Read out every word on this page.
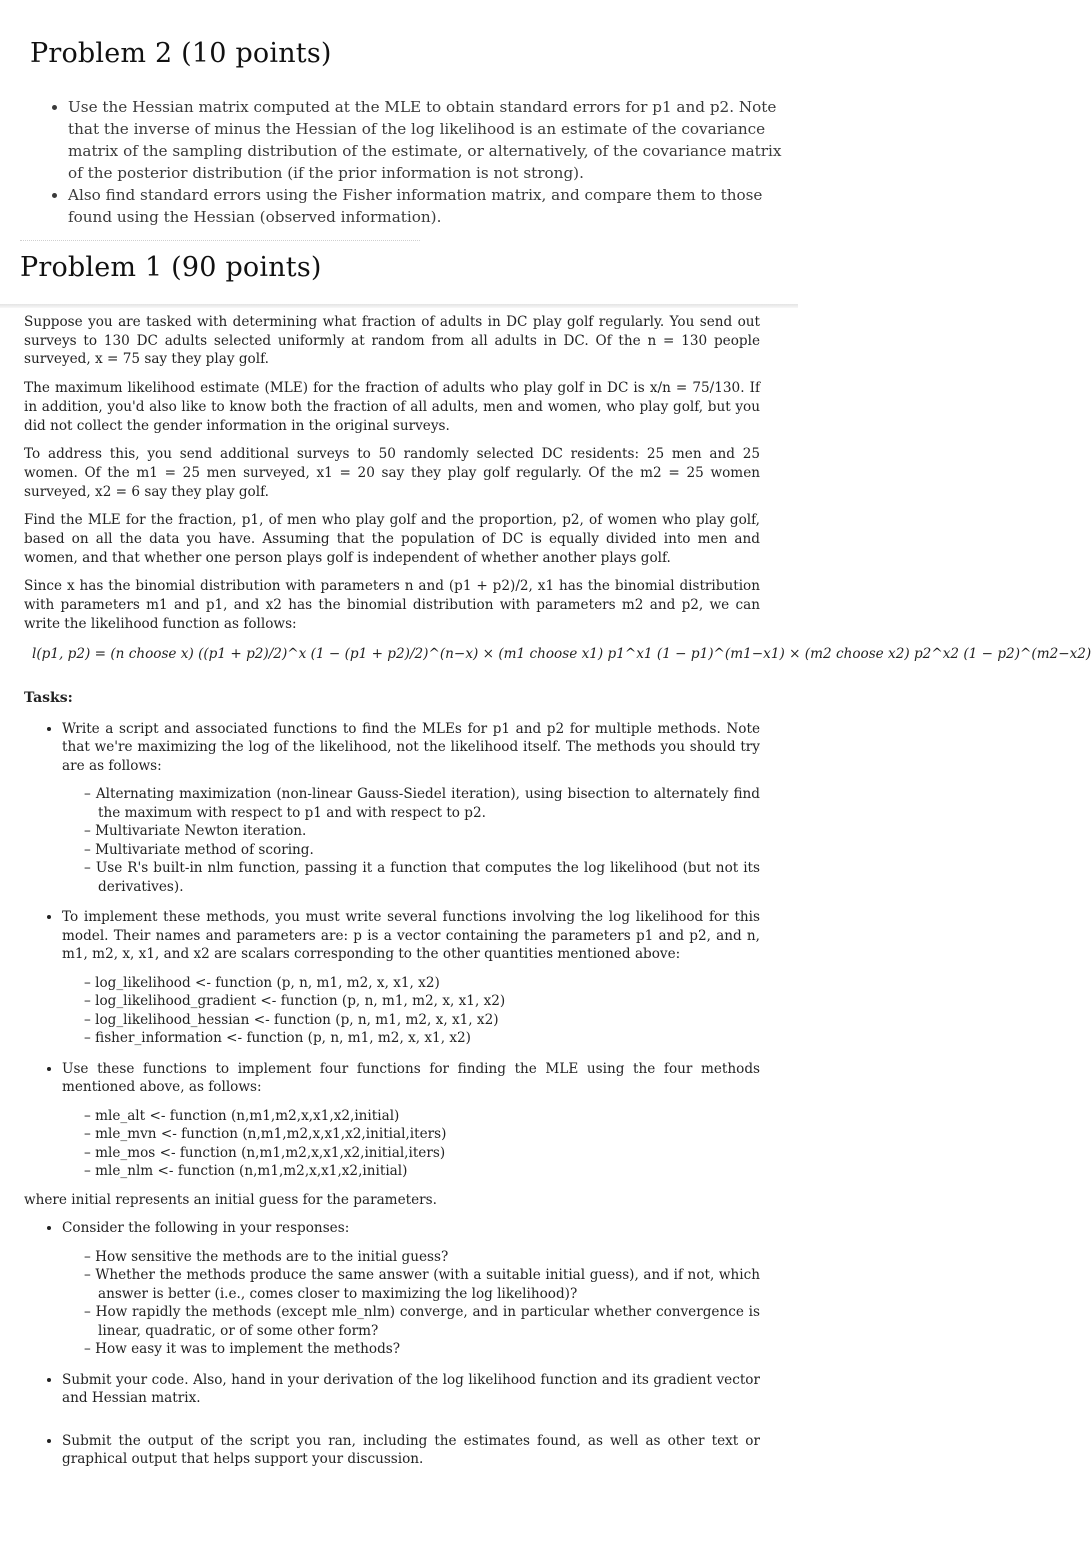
Problem 2 (10 points)
• Use the Hessian matrix computed at the MLE to obtain standard errors for p1 and p2. Note that the inverse of minus the Hessian of the log likelihood is an estimate of the covariance matrix of the sampling distribution of the estimate, or alternatively, of the covariance matrix of the posterior distribution (if the prior information is not strong).
• Also find standard errors using the Fisher information matrix, and compare them to those found using the Hessian (observed information).
Problem 1 (90 points)

Suppose you are tasked with determining what fraction of adults in DC play golf regularly. You send out surveys to 130 DC adults selected uniformly at random from all adults in DC. Of the n = 130 people surveyed, x = 75 say they play golf.

The maximum likelihood estimate (MLE) for the fraction of adults who play golf in DC is x/n = 75/130. If in addition, you'd also like to know both the fraction of all adults, men and women, who play golf, but you did not collect the gender information in the original surveys.

To address this, you send additional surveys to 50 randomly selected DC residents: 25 men and 25 women. Of the m1 = 25 men surveyed, x1 = 20 say they play golf regularly. Of the m2 = 25 women surveyed, x2 = 6 say they play golf.

Find the MLE for the fraction, p1, of men who play golf and the proportion, p2, of women who play golf, based on all the data you have. Assuming that the population of DC is equally divided into men and women, and that whether one person plays golf is independent of whether another plays golf.

Since x has the binomial distribution with parameters n and (p1 + p2)/2, x1 has the binomial distribution with parameters m1 and p1, and x2 has the binomial distribution with parameters m2 and p2, we can write the likelihood function as follows:

l(p1, p2) = (n choose x) ((p1 + p2)/2)^x (1 − (p1 + p2)/2)^(n−x) × (m1 choose x1) p1^x1 (1 − p1)^(m1−x1) × (m2 choose x2) p2^x2 (1 − p2)^(m2−x2)
Tasks:
• Write a script and associated functions to find the MLEs for p1 and p2 for multiple methods. Note that we're maximizing the log of the likelihood, not the likelihood itself. The methods you should try are as follows:
– Alternating maximization (non-linear Gauss-Siedel iteration), using bisection to alternately find the maximum with respect to p1 and with respect to p2.
– Multivariate Newton iteration.
– Multivariate method of scoring.
– Use R's built-in nlm function, passing it a function that computes the log likelihood (but not its derivatives).
• To implement these methods, you must write several functions involving the log likelihood for this model. Their names and parameters are: p is a vector containing the parameters p1 and p2, and n, m1, m2, x, x1, and x2 are scalars corresponding to the other quantities mentioned above:
– log_likelihood <- function (p, n, m1, m2, x, x1, x2)
– log_likelihood_gradient <- function (p, n, m1, m2, x, x1, x2)
– log_likelihood_hessian <- function (p, n, m1, m2, x, x1, x2)
– fisher_information <- function (p, n, m1, m2, x, x1, x2)
• Use these functions to implement four functions for finding the MLE using the four methods mentioned above, as follows:
– mle_alt <- function (n,m1,m2,x,x1,x2,initial)
– mle_mvn <- function (n,m1,m2,x,x1,x2,initial,iters)
– mle_mos <- function (n,m1,m2,x,x1,x2,initial,iters)
– mle_nlm <- function (n,m1,m2,x,x1,x2,initial)
where initial represents an initial guess for the parameters.
• Consider the following in your responses:
– How sensitive the methods are to the initial guess?
– Whether the methods produce the same answer (with a suitable initial guess), and if not, which answer is better (i.e., comes closer to maximizing the log likelihood)?
– How rapidly the methods (except mle_nlm) converge, and in particular whether convergence is linear, quadratic, or of some other form?
– How easy it was to implement the methods?
• Submit your code. Also, hand in your derivation of the log likelihood function and its gradient vector and Hessian matrix.
• Submit the output of the script you ran, including the estimates found, as well as other text or graphical output that helps support your discussion.
